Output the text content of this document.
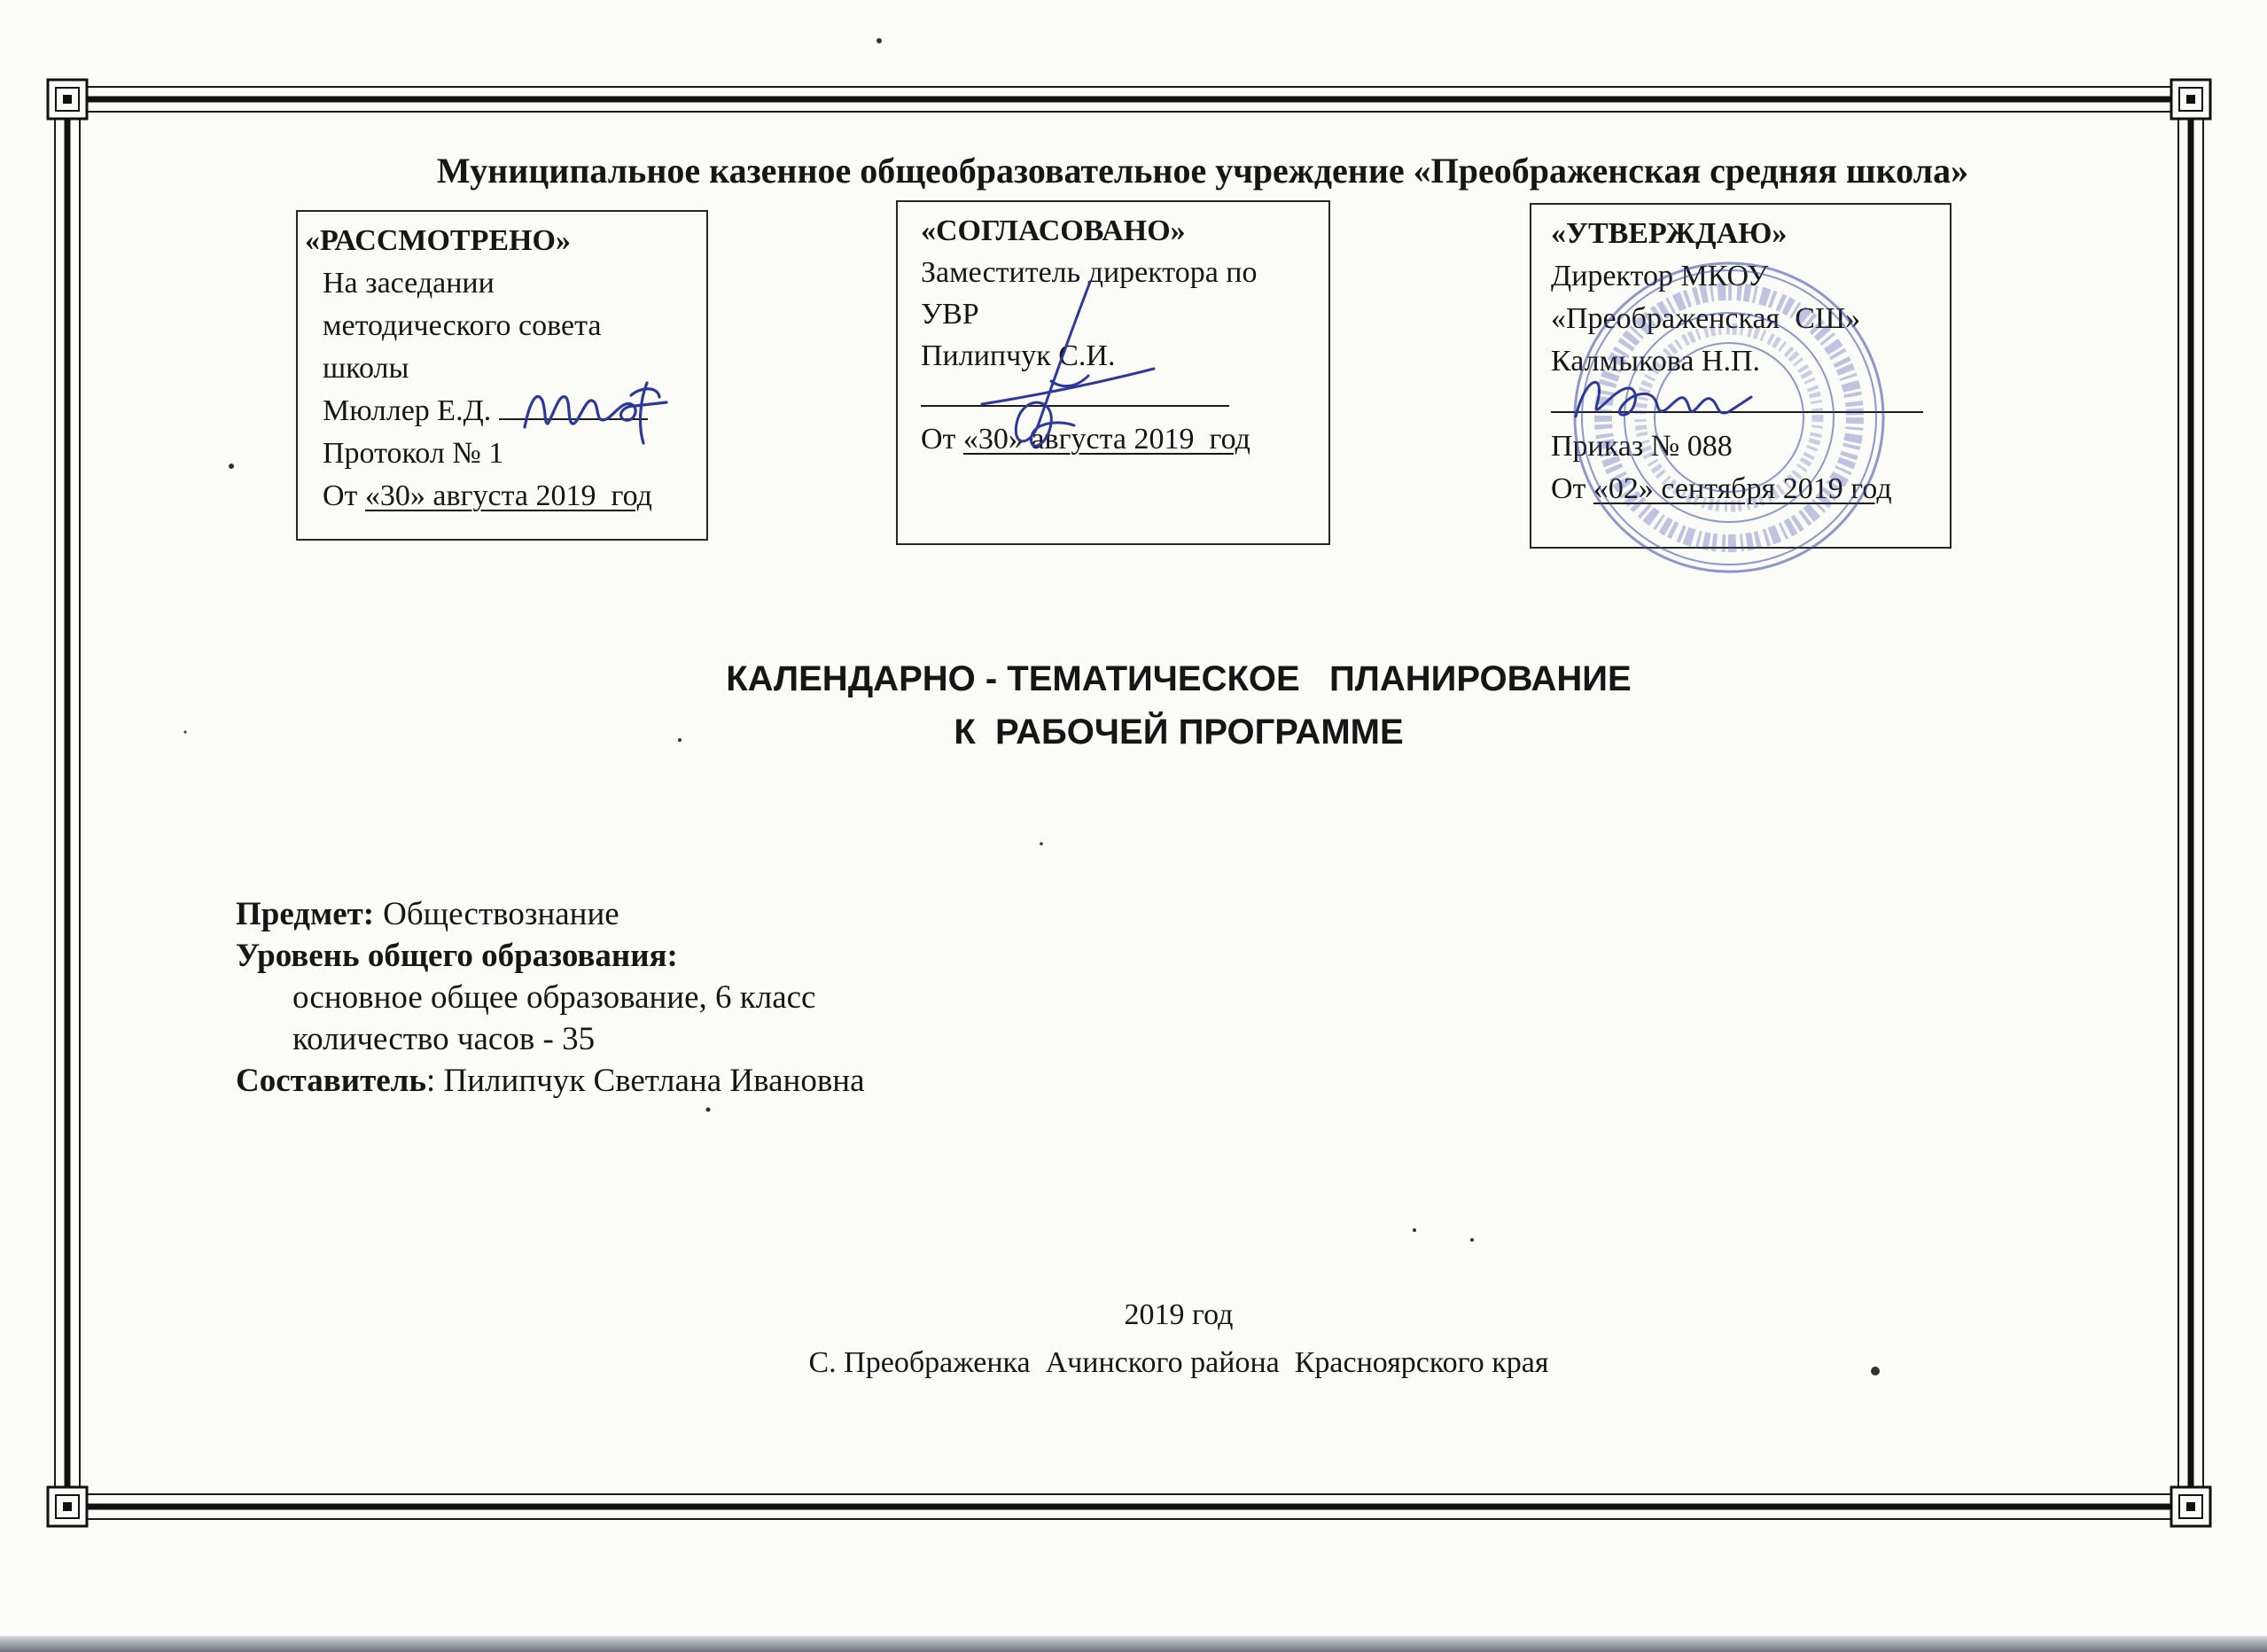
Муниципальное казенное общеобразовательное учреждение «Преображенская средняя школа»
«РАССМОТРЕНО»
На заседании
методического совета
школы
Мюллер Е.Д.
Протокол № 1
От «30» августа 2019  год
«СОГЛАСОВАНО»
Заместитель директора по
УВР
Пилипчук С.И.
От «30» августа 2019  год
«УТВЕРЖДАЮ»
Директор МКОУ
«Преображенская  СШ»
Калмыкова Н.П.
Приказ № 088
От «02» сентября 2019 год
КАЛЕНДАРНО - ТЕМАТИЧЕСКОЕ   ПЛАНИРОВАНИЕ
К  РАБОЧЕЙ ПРОГРАММЕ
Предмет: Обществознание
Уровень общего образования:
основное общее образование, 6 класс
количество часов - 35
Составитель: Пилипчук Светлана Ивановна
2019 год
С. Преображенка  Ачинского района  Красноярского края
